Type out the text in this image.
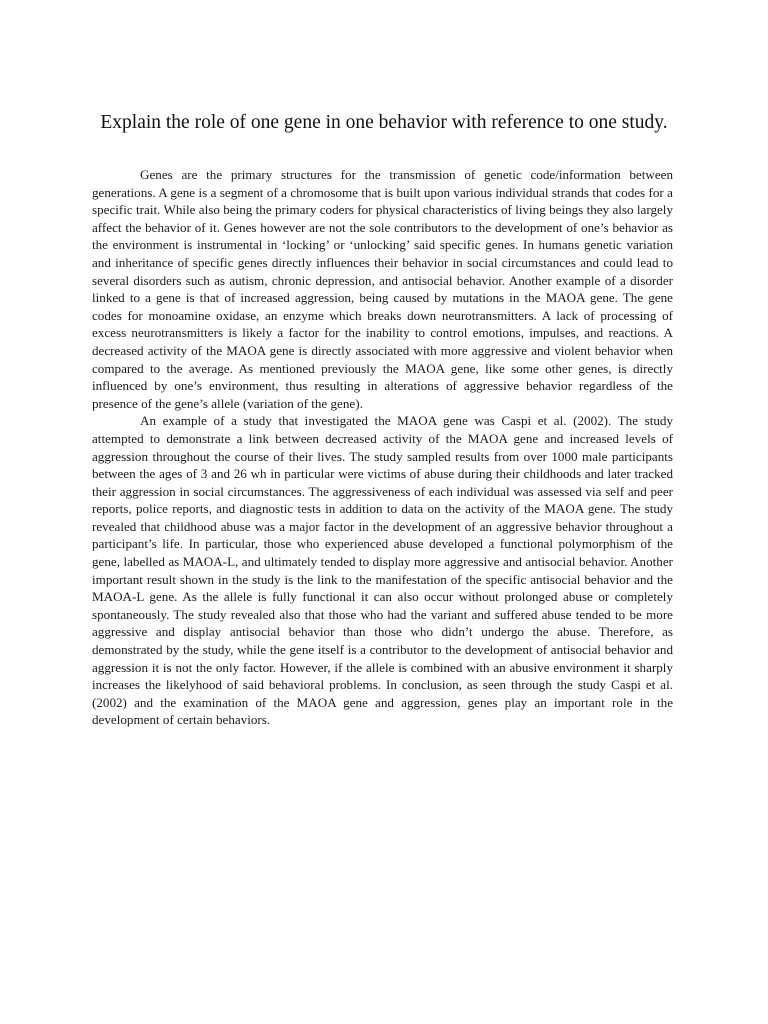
Explain the role of one gene in one behavior with reference to one study.

Genes are the primary structures for the transmission of genetic code/information between generations. A gene is a segment of a chromosome that is built upon various individual strands that codes for a specific trait. While also being the primary coders for physical characteristics of living beings they also largely affect the behavior of it. Genes however are not the sole contributors to the development of one’s behavior as the environment is instrumental in ‘locking’ or ‘unlocking’ said specific genes. In humans genetic variation and inheritance of specific genes directly influences their behavior in social circumstances and could lead to several disorders such as autism, chronic depression, and antisocial behavior. Another example of a disorder linked to a gene is that of increased aggression, being caused by mutations in the MAOA gene. The gene codes for monoamine oxidase, an enzyme which breaks down neurotransmitters. A lack of processing of excess neurotransmitters is likely a factor for the inability to control emotions, impulses, and reactions. A decreased activity of the MAOA gene is directly associated with more aggressive and violent behavior when compared to the average. As mentioned previously the MAOA gene, like some other genes, is directly influenced by one’s environment, thus resulting in alterations of aggressive behavior regardless of the presence of the gene’s allele (variation of the gene).

An example of a study that investigated the MAOA gene was Caspi et al. (2002). The study attempted to demonstrate a link between decreased activity of the MAOA gene and increased levels of aggression throughout the course of their lives. The study sampled results from over 1000 male participants between the ages of 3 and 26 wh in particular were victims of abuse during their childhoods and later tracked their aggression in social circumstances. The aggressiveness of each individual was assessed via self and peer reports, police reports, and diagnostic tests in addition to data on the activity of the MAOA gene. The study revealed that childhood abuse was a major factor in the development of an aggressive behavior throughout a participant’s life. In particular, those who experienced abuse developed a functional polymorphism of the gene, labelled as MAOA-L, and ultimately tended to display more aggressive and antisocial behavior. Another important result shown in the study is the link to the manifestation of the specific antisocial behavior and the MAOA-L gene. As the allele is fully functional it can also occur without prolonged abuse or completely spontaneously. The study revealed also that those who had the variant and suffered abuse tended to be more aggressive and display antisocial behavior than those who didn’t undergo the abuse. Therefore, as demonstrated by the study, while the gene itself is a contributor to the development of antisocial behavior and aggression it is not the only factor. However, if the allele is combined with an abusive environment it sharply increases the likelyhood of said behavioral problems. In conclusion, as seen through the study Caspi et al. (2002) and the examination of the MAOA gene and aggression, genes play an important role in the development of certain behaviors.
